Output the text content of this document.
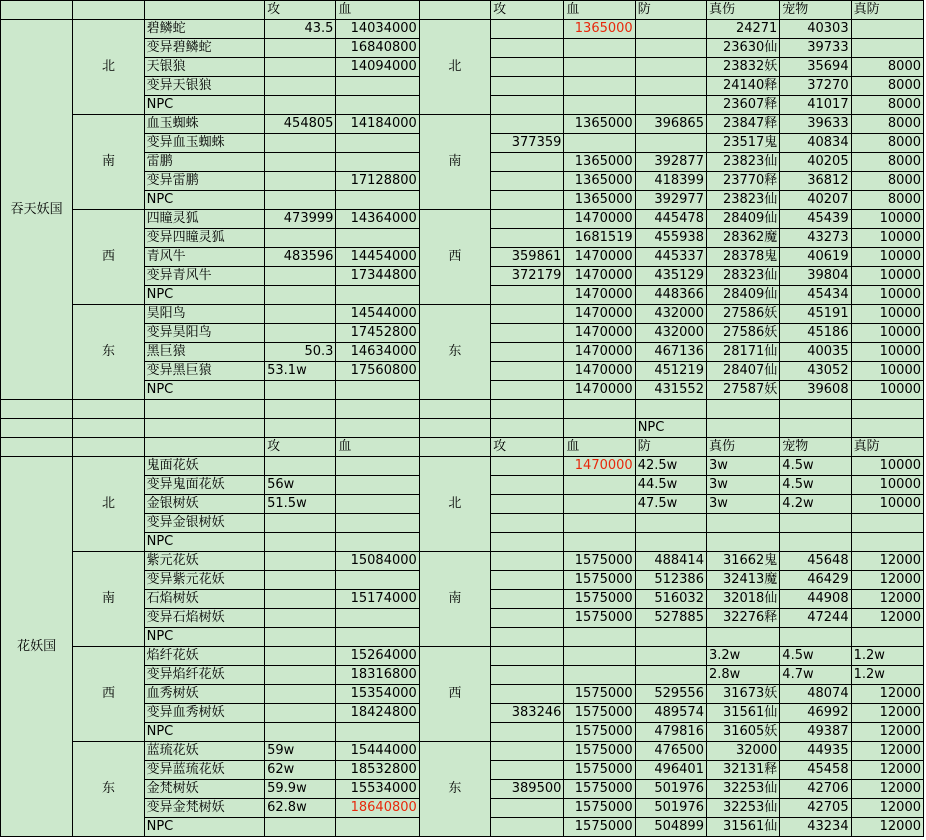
			攻	血		攻	血	防	真伤	宠物	真防
吞天妖国	北	碧鳞蛇	43.5	14034000	北		1365000		24271	40303	
		变异碧鳞蛇		16840800					23630仙	39733	
		天银狼		14094000					23832妖	35694	8000
		变异天银狼							24140释	37270	8000
		NPC							23607释	41017	8000
	南	血玉蜘蛛	454805	14184000	南		1365000	396865	23847释	39633	8000
		变异血玉蜘蛛				377359			23517鬼	40834	8000
		雷鹏					1365000	392877	23823仙	40205	8000
		变异雷鹏		17128800			1365000	418399	23770释	36812	8000
		NPC					1365000	392977	23823仙	40207	8000
	西	四瞳灵狐	473999	14364000	西		1470000	445478	28409仙	45439	10000
		变异四瞳灵狐					1681519	455938	28362魔	43273	10000
		青风牛	483596	14454000		359861	1470000	445337	28378鬼	40619	10000
		变异青风牛		17344800		372179	1470000	435129	28323仙	39804	10000
		NPC					1470000	448366	28409仙	45434	10000
	东	昊阳鸟		14544000	东		1470000	432000	27586妖	45191	10000
		变异昊阳鸟		17452800			1470000	432000	27586妖	45186	10000
		黑巨猿	50.3	14634000			1470000	467136	28171仙	40035	10000
		变异黑巨猿	53.1w	17560800			1470000	451219	28407仙	43052	10000
		NPC					1470000	431552	27587妖	39608	10000

								NPC			
			攻	血		攻	血	防	真伤	宠物	真防
花妖国	北	鬼面花妖			北		1470000	42.5w	3w	4.5w	10000
		变异鬼面花妖	56w					44.5w	3w	4.5w	10000
		金银树妖	51.5w					47.5w	3w	4.2w	10000
		变异金银树妖									
		NPC									
	南	紫元花妖		15084000	南		1575000	488414	31662鬼	45648	12000
		变异紫元花妖					1575000	512386	32413魔	46429	12000
		石焰树妖		15174000			1575000	516032	32018仙	44908	12000
		变异石焰树妖					1575000	527885	32276释	47244	12000
		NPC									
	西	焰纤花妖		15264000	西				3.2w	4.5w	1.2w
		变异焰纤花妖		18316800					2.8w	4.7w	1.2w
		血秀树妖		15354000			1575000	529556	31673妖	48074	12000
		变异血秀树妖		18424800		383246	1575000	489574	31561仙	46992	12000
		NPC					1575000	479816	31605妖	49387	12000
	东	蓝琉花妖	59w	15444000	东		1575000	476500	32000	44935	12000
		变异蓝琉花妖	62w	18532800			1575000	496401	32131释	45458	12000
		金梵树妖	59.9w	15534000		389500	1575000	501976	32253仙	42706	12000
		变异金梵树妖	62.8w	18640800			1575000	501976	32253仙	42705	12000
		NPC					1575000	504899	31561仙	43234	12000
